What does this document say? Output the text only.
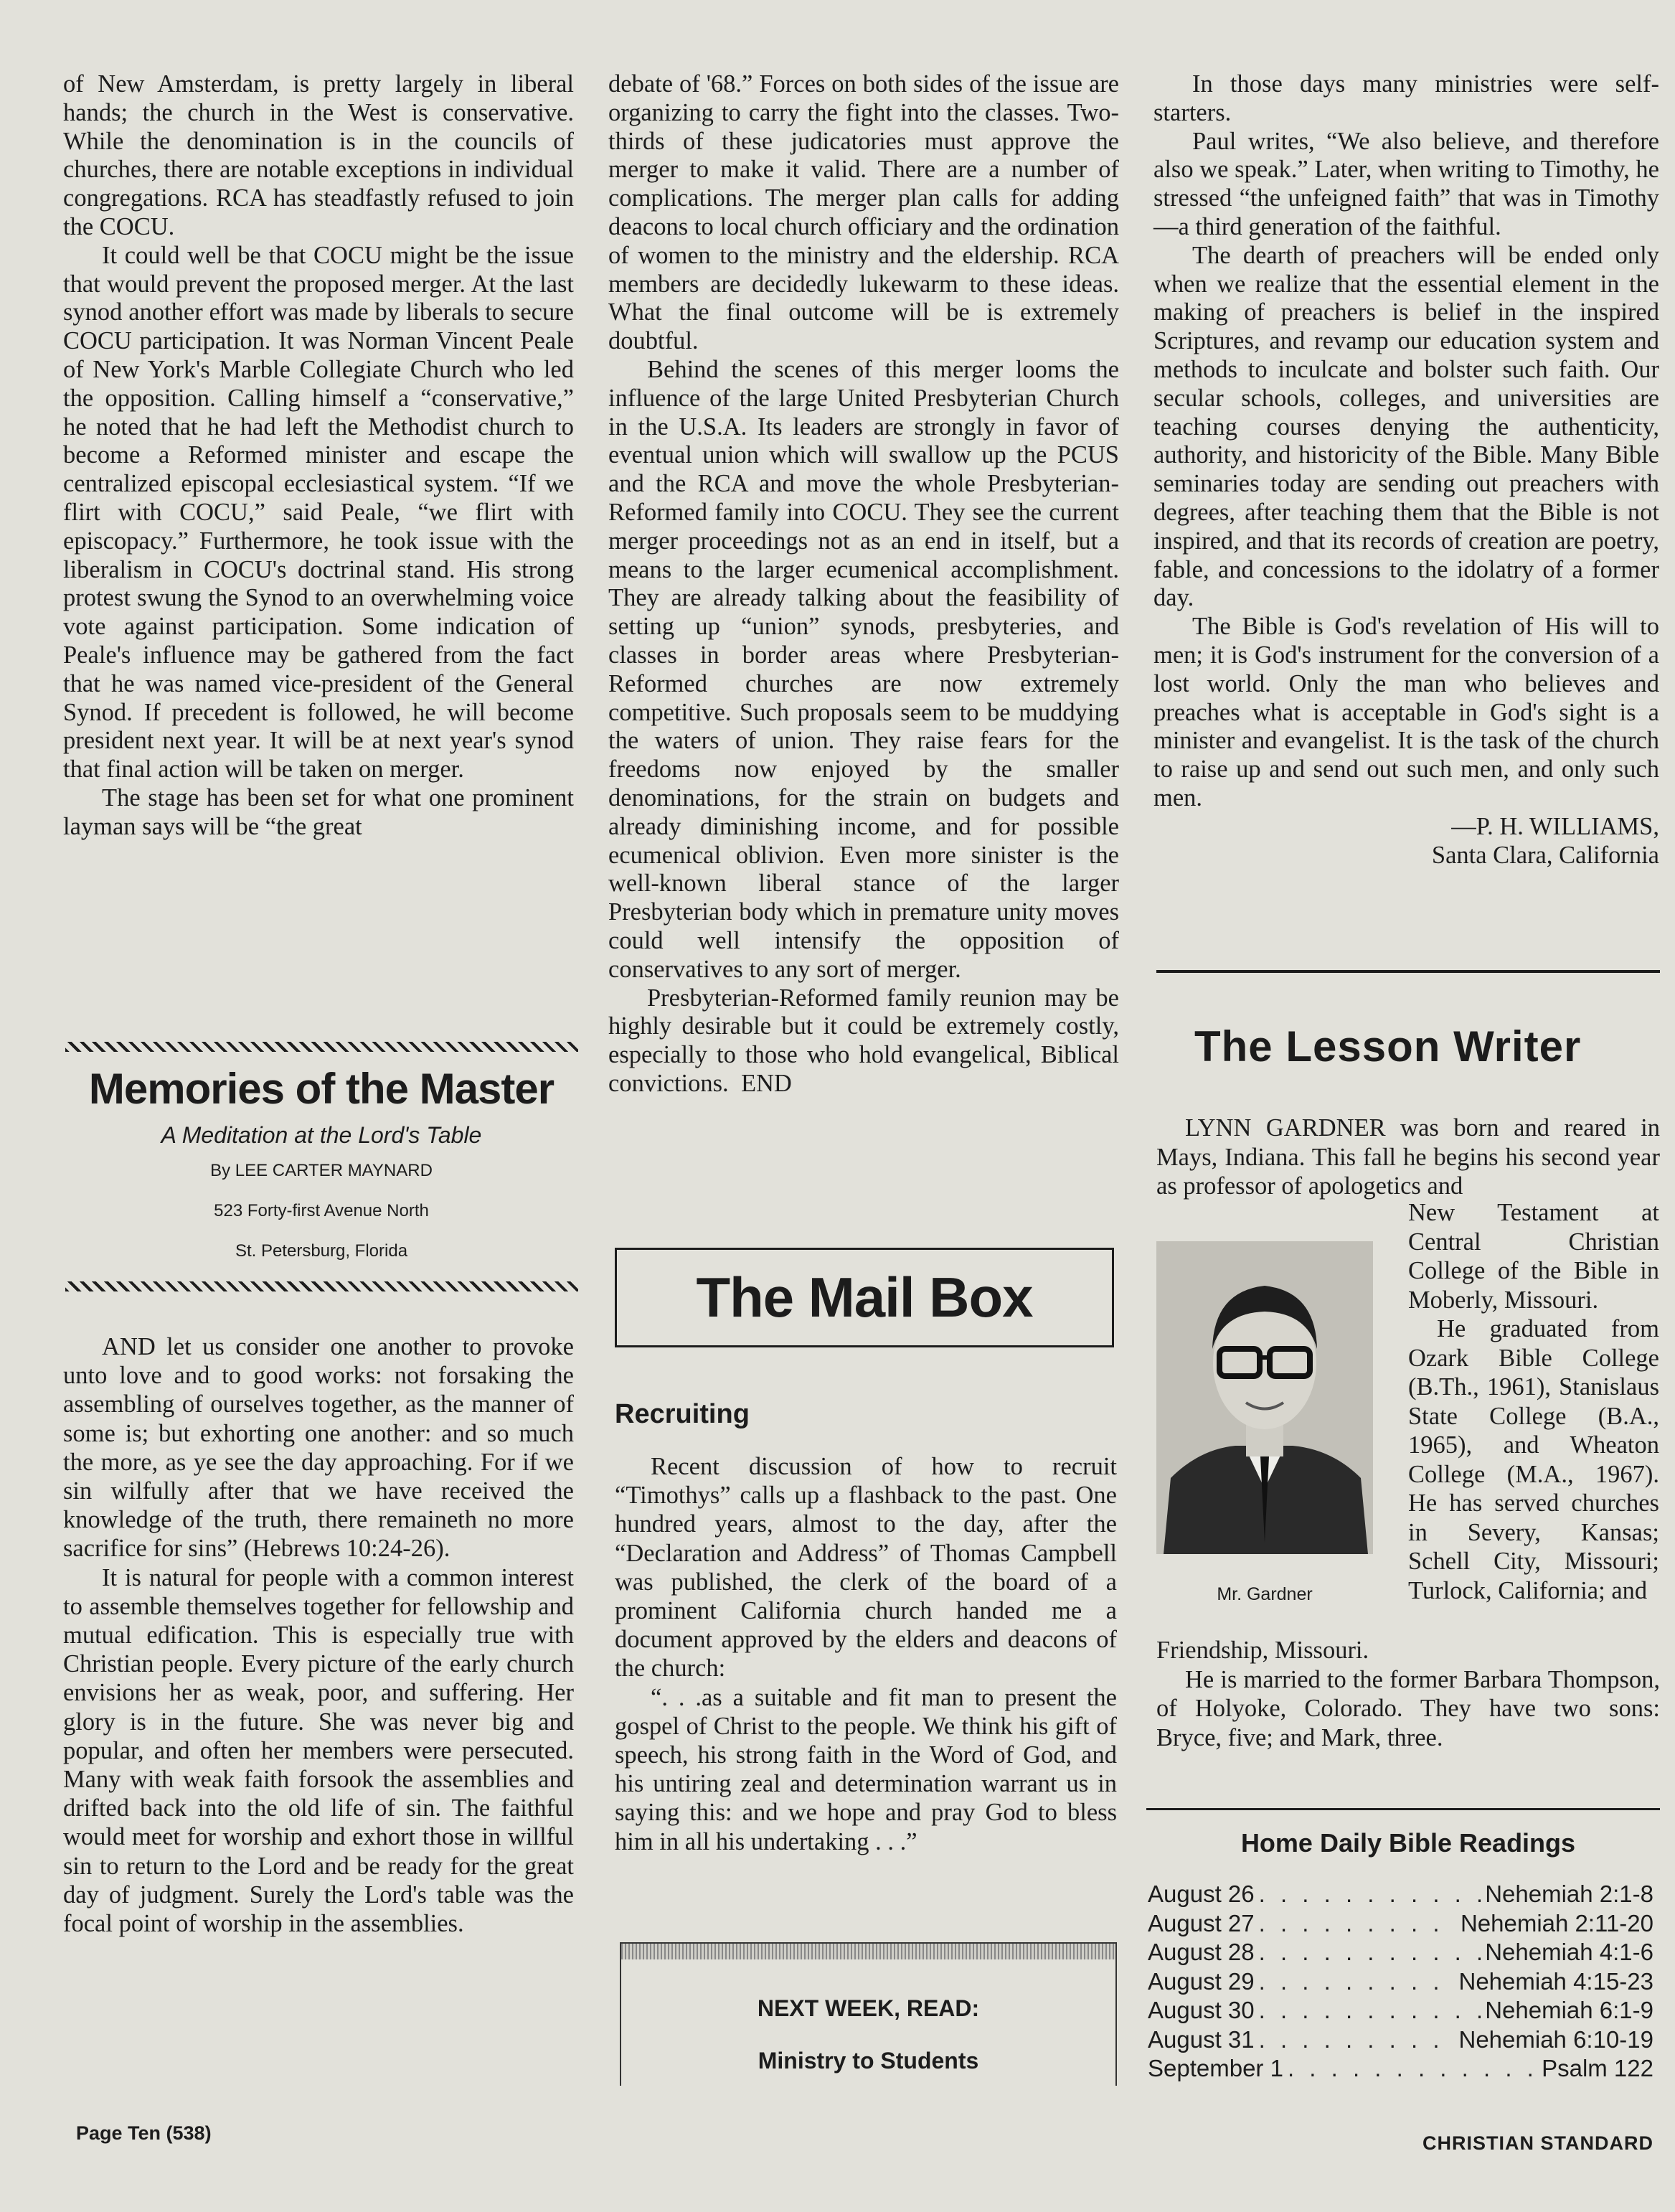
of New Amsterdam, is pretty largely in liberal hands; the church in the West is conservative. While the denomination is in the councils of churches, there are notable exceptions in individual congregations. RCA has steadfastly refused to join the COCU.

It could well be that COCU might be the issue that would prevent the proposed merger. At the last synod another effort was made by liberals to secure COCU participation. It was Norman Vincent Peale of New York's Marble Collegiate Church who led the opposition. Calling himself a “conservative,” he noted that he had left the Methodist church to become a Reformed minister and escape the centralized episcopal ecclesiastical system. “If we flirt with COCU,” said Peale, “we flirt with episcopacy.” Furthermore, he took issue with the liberalism in COCU's doctrinal stand. His strong protest swung the Synod to an overwhelming voice vote against participation. Some indication of Peale's influence may be gathered from the fact that he was named vice-president of the General Synod. If precedent is followed, he will become president next year. It will be at next year's synod that final action will be taken on merger.

The stage has been set for what one prominent layman says will be “the great

Memories of the Master
A Meditation at the Lord's Table
By LEE CARTER MAYNARD
523 Forty-first Avenue North
St. Petersburg, Florida

AND let us consider one another to provoke unto love and to good works: not forsaking the assembling of ourselves together, as the manner of some is; but exhorting one another: and so much the more, as ye see the day approaching. For if we sin wilfully after that we have received the knowledge of the truth, there remaineth no more sacrifice for sins” (Hebrews 10:24-26).

It is natural for people with a common interest to assemble themselves together for fellowship and mutual edification. This is especially true with Christian people. Every picture of the early church envisions her as weak, poor, and suffering. Her glory is in the future. She was never big and popular, and often her members were persecuted. Many with weak faith forsook the assemblies and drifted back into the old life of sin. The faithful would meet for worship and exhort those in willful sin to return to the Lord and be ready for the great day of judgment. Surely the Lord's table was the focal point of worship in the assemblies.

debate of '68.” Forces on both sides of the issue are organizing to carry the fight into the classes. Two-thirds of these judicatories must approve the merger to make it valid. There are a number of complications. The merger plan calls for adding deacons to local church officiary and the ordination of women to the ministry and the eldership. RCA members are decidedly lukewarm to these ideas. What the final outcome will be is extremely doubtful.

Behind the scenes of this merger looms the influence of the large United Presbyterian Church in the U.S.A. Its leaders are strongly in favor of eventual union which will swallow up the PCUS and the RCA and move the whole Presbyterian-Reformed family into COCU. They see the current merger proceedings not as an end in itself, but a means to the larger ecumenical accomplishment. They are already talking about the feasibility of setting up “union” synods, presbyteries, and classes in border areas where Presbyterian-Reformed churches are now extremely competitive. Such proposals seem to be muddying the waters of union. They raise fears for the freedoms now enjoyed by the smaller denominations, for the strain on budgets and already diminishing income, and for possible ecumenical oblivion. Even more sinister is the well-known liberal stance of the larger Presbyterian body which in premature unity moves could well intensify the opposition of conservatives to any sort of merger.

Presbyterian-Reformed family reunion may be highly desirable but it could be extremely costly, especially to those who hold evangelical, Biblical convictions. END

The Mail Box
Recruiting

Recent discussion of how to recruit “Timothys” calls up a flashback to the past. One hundred years, almost to the day, after the “Declaration and Address” of Thomas Campbell was published, the clerk of the board of a prominent California church handed me a document approved by the elders and deacons of the church:

“. . .as a suitable and fit man to present the gospel of Christ to the people. We think his gift of speech, his strong faith in the Word of God, and his untiring zeal and determination warrant us in saying this: and we hope and pray God to bless him in all his undertaking . . .”

NEXT WEEK, READ:
Ministry to Students

In those days many ministries were self-starters.

Paul writes, “We also believe, and therefore also we speak.” Later, when writing to Timothy, he stressed “the unfeigned faith” that was in Timothy—a third generation of the faithful.

The dearth of preachers will be ended only when we realize that the essential element in the making of preachers is belief in the inspired Scriptures, and revamp our education system and methods to inculcate and bolster such faith. Our secular schools, colleges, and universities are teaching courses denying the authenticity, authority, and historicity of the Bible. Many Bible seminaries today are sending out preachers with degrees, after teaching them that the Bible is not inspired, and that its records of creation are poetry, fable, and concessions to the idolatry of a former day.

The Bible is God's revelation of His will to men; it is God's instrument for the conversion of a lost world. Only the man who believes and preaches what is acceptable in God's sight is a minister and evangelist. It is the task of the church to raise up and send out such men, and only such men.

—P. H. WILLIAMS,

Santa Clara, California

The Lesson Writer

LYNN GARDNER was born and reared in Mays, Indiana. This fall he begins his second year as professor of apologetics and

Mr. Gardner

New Testament at Central Christian College of the Bible in Moberly, Missouri.

He graduated from Ozark Bible College (B.Th., 1961), Stanislaus State College (B.A., 1965), and Wheaton College (M.A., 1967). He has served churches in Severy, Kansas; Schell City, Missouri; Turlock, California; and

Friendship, Missouri.

He is married to the former Barbara Thompson, of Holyoke, Colorado. They have two sons: Bryce, five; and Mark, three.

Home Daily Bible Readings
August 26 . . .	Nehemiah 2:1-8
August 27 . . .	Nehemiah 2:11-20
August 28 . . .	Nehemiah 4:1-6
August 29 . . .	Nehemiah 4:15-23
August 30 . . .	Nehemiah 6:1-9
August 31 . . .	Nehemiah 6:10-19
September 1 . . .	Psalm 122
Page Ten (538)	CHRISTIAN STANDARD
